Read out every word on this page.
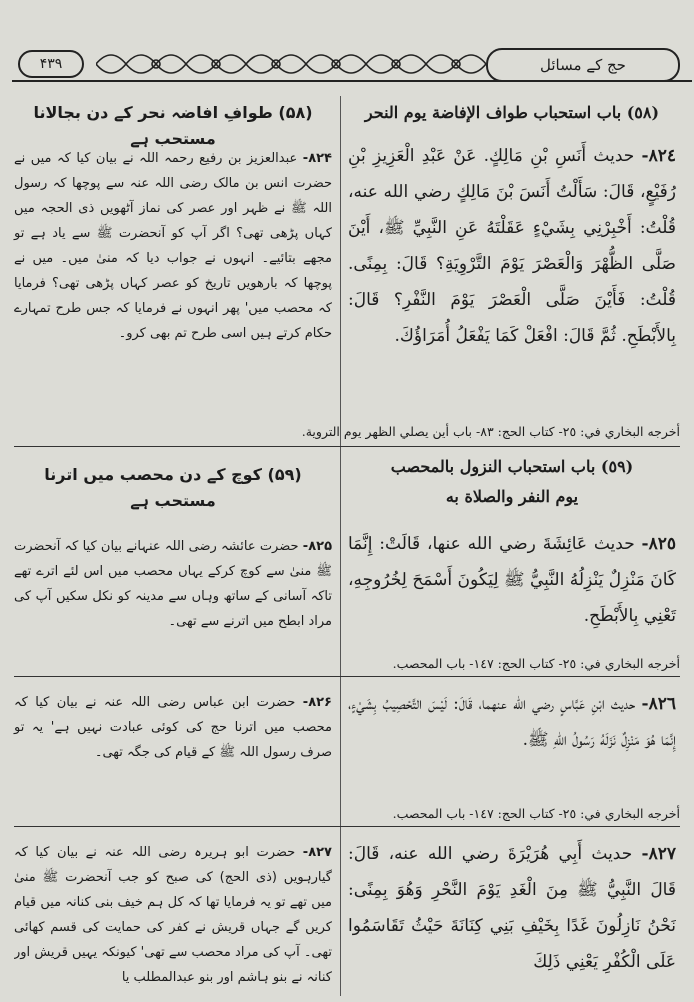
۴۳۹	حج کے مسائل
(٥٨) باب استحباب طواف الإفاضة يوم النحر
(۵۸) طوافِ افاضہ نحر کے دن بجالانا مستحب ہے
٨٢٤- حديث أَنَسِ بْنِ مَالِكٍ. عَنْ عَبْدِ الْعَزِيزِ بْنِ رُفَيْعٍ، قَالَ: سَأَلْتُ أَنَسَ بْنَ مَالِكٍ رضي الله عنه، قُلْتُ: أَخْبِرْنِي بِشَيْءٍ عَقَلْتَهُ عَنِ النَّبِيِّ ﷺ، أَيْنَ صَلَّى الظُّهْرَ وَالْعَصْرَ يَوْمَ التَّرْوِيَةِ؟ قَالَ: بِمِنًى. قُلْتُ: فَأَيْنَ صَلَّى الْعَصْرَ يَوْمَ النَّفْرِ؟ قَالَ: بِالأَبْطَحِ. ثُمَّ قَالَ: افْعَلْ كَمَا يَفْعَلُ أُمَرَاؤُكَ.
۸۲۴- عبدالعزیز بن رفیع رحمہ اللہ نے بیان کیا کہ میں نے حضرت انس بن مالک رضی اللہ عنہ سے پوچھا کہ رسول اللہ ﷺ نے ظہر اور عصر کی نماز آٹھویں ذی الحجہ میں کہاں پڑھی تھی؟ اگر آپ کو آنحضرت ﷺ سے یاد ہے تو مجھے بتائیے۔ انہوں نے جواب دیا کہ منیٰ میں۔ میں نے پوچھا کہ بارھویں تاریخ کو عصر کہاں پڑھی تھی؟ فرمایا کہ محصب میں' پھر انہوں نے فرمایا کہ جس طرح تمہارے حکام کرتے ہیں اسی طرح تم بھی کرو۔
أخرجه البخاري في: ٢٥- كتاب الحج: ٨٣- باب أين يصلي الظهر يوم التروية.
(٥٩) باب استحباب النزول بالمحصب
يوم النفر والصلاة به
(۵۹) کوچ کے دن محصب میں اترنا مستحب ہے
٨٢٥- حديث عَائِشَةَ رضي الله عنها، قَالَتْ: إِنَّمَا كَانَ مَنْزِلٌ يَنْزِلُهُ النَّبِيُّ ﷺ لِيَكُونَ أَسْمَحَ لِخُرُوجِهِ، تَعْنِي بِالأَبْطَحِ.
۸۲۵- حضرت عائشہ رضی اللہ عنہانے بیان کیا کہ آنحضرت ﷺ منیٰ سے کوچ کرکے یہاں محصب میں اس لئے اترے تھے تاکہ آسانی کے ساتھ وہاں سے مدینہ کو نکل سکیں آپ کی مراد ابطح میں اترنے سے تھی۔
أخرجه البخاري في: ٢٥- كتاب الحج: ١٤٧- باب المحصب.
٨٢٦- حديث ابْنِ عَبَّاسٍ رضي الله عنهما، قَالَ: لَيْسَ التَّحْصِيبُ بِشَيْءٍ، إِنَّمَا هُوَ مَنْزِلٌ نَزَلَهُ رَسُولُ اللهِ ﷺ.
۸۲۶- حضرت ابن عباس رضی اللہ عنہ نے بیان کیا کہ محصب میں اترنا حج کی کوئی عبادت نہیں ہے' یہ تو صرف رسول اللہ ﷺ کے قیام کی جگہ تھی۔
أخرجه البخاري في: ٢٥- كتاب الحج: ١٤٧- باب المحصب.
٨٢٧- حديث أَبِي هُرَيْرَةَ رضي الله عنه، قَالَ: قَالَ النَّبِيُّ ﷺ مِنَ الْغَدِ يَوْمَ النَّحْرِ وَهُوَ بِمِنًى: نَحْنُ نَازِلُونَ غَدًا بِخَيْفِ بَنِي كِنَانَةَ حَيْثُ تَقَاسَمُوا عَلَى الْكُفْرِ يَعْنِي ذَلِكَ
۸۲۷- حضرت ابو ہریرہ رضی اللہ عنہ نے بیان کیا کہ گیارہویں (ذی الحج) کی صبح کو جب آنحضرت ﷺ منیٰ میں تھے تو یہ فرمایا تھا کہ کل ہم خیف بنی کنانہ میں قیام کریں گے جہاں قریش نے کفر کی حمایت کی قسم کھائی تھی۔ آپ کی مراد محصب سے تھی' کیونکہ یہیں قریش اور کنانہ نے بنو ہاشم اور بنو عبدالمطلب یا
